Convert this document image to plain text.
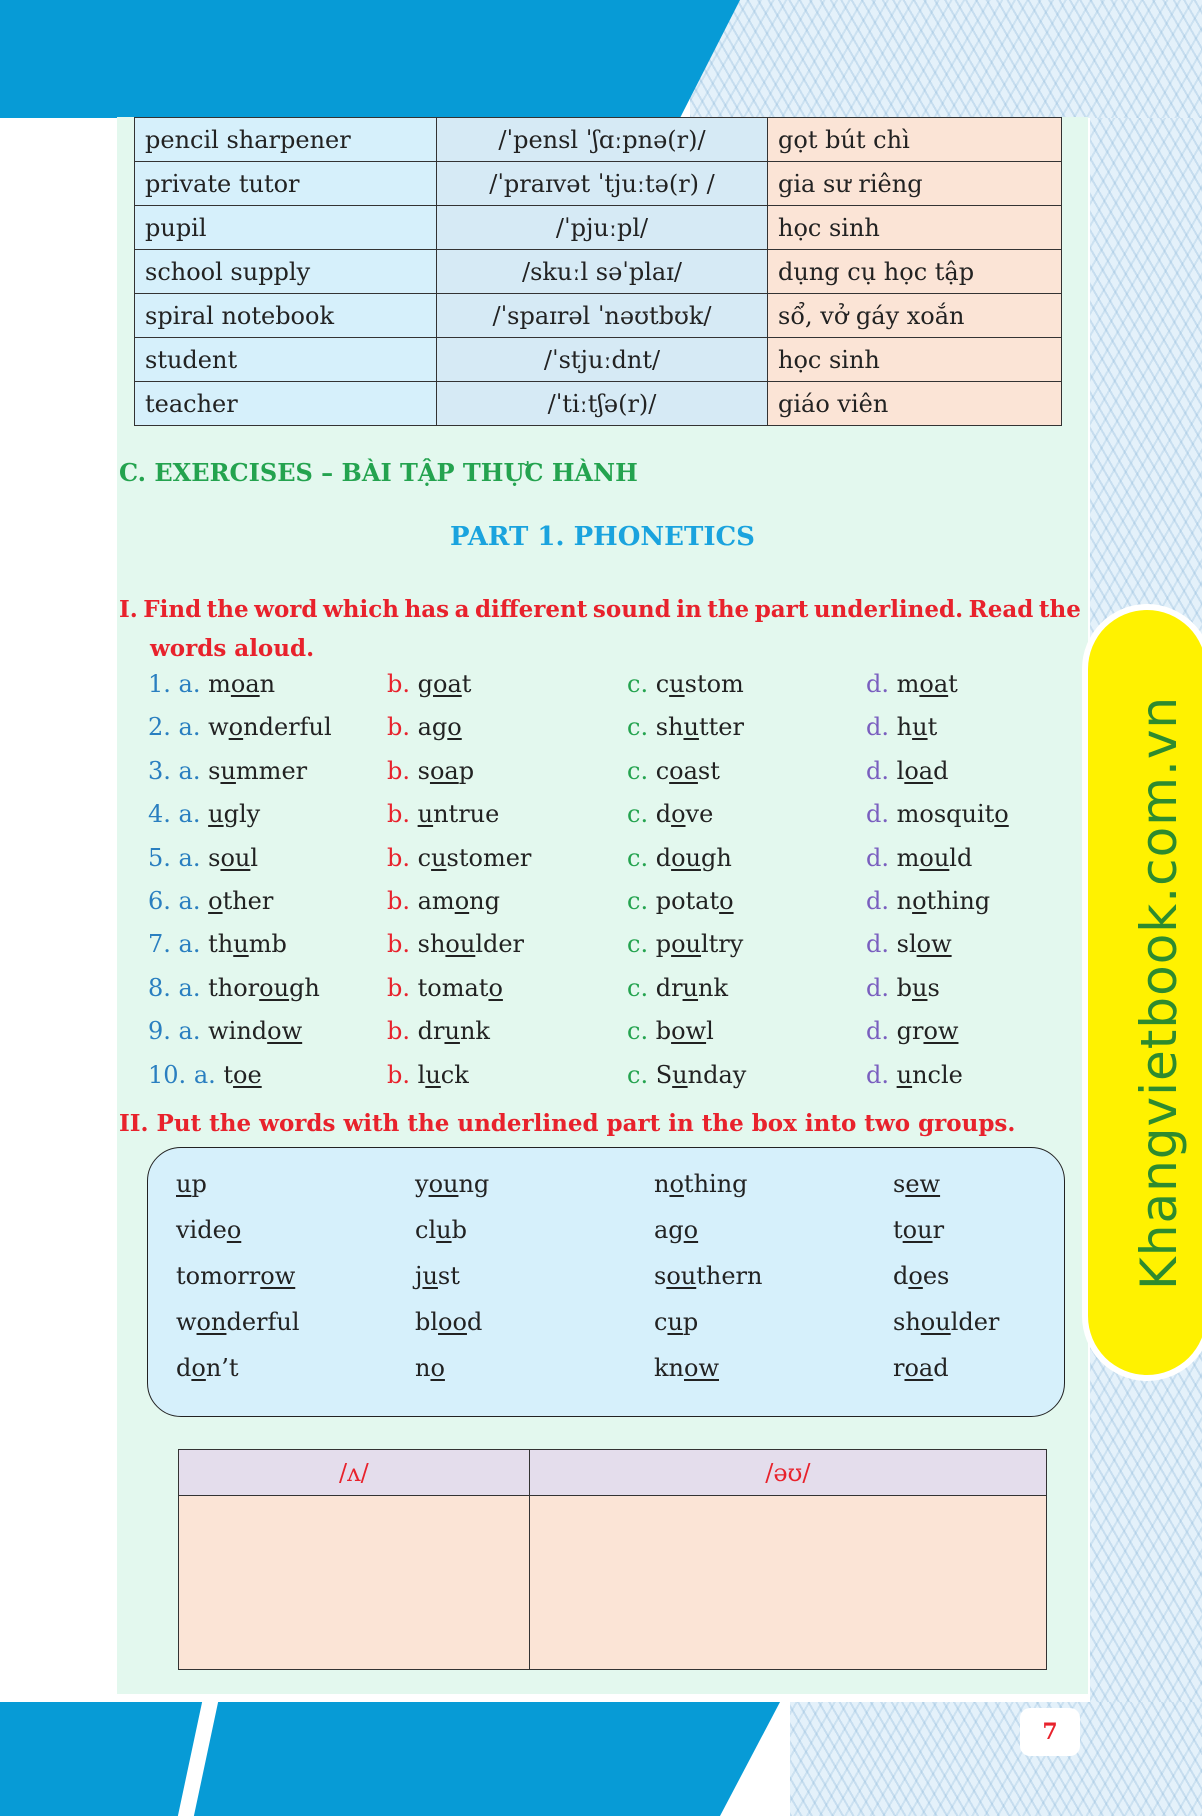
7
pencil sharpener	/ˈpensl ˈʃɑːpnə(r)/	gọt bút chì
private tutor	/ˈpraɪvət ˈtjuːtə(r) /	gia sư riêng
pupil	/ˈpjuːpl/	học sinh
school supply	/skuːl səˈplaɪ/	dụng cụ học tập
spiral notebook	/ˈspaɪrəl ˈnəʊtbʊk/	sổ, vở gáy xoắn
student	/ˈstjuːdnt/	học sinh
teacher	/ˈtiːtʃə(r)/	giáo viên
C. EXERCISES – BÀI TẬP THỰC HÀNH
PART 1. PHONETICS
I. Find the word which has a different sound in the part underlined. Read the
words aloud.
1. a. moan	b. goat	c. custom	d. moat
2. a. wonderful b. ago	c. shutter	d. hut
3. a. summer	b. soap	c. coast	d. load
4. a. ugly	b. untrue	c. dove	d. mosquito
5. a. soul	b. customer	c. dough	d. mould
6. a. other	b. among	c. potato	d. nothing
7. a. thumb	b. shoulder	c. poultry	d. slow
8. a. thorough	b. tomato	c. drunk	d. bus
9. a. window	b. drunk	c. bowl	d. grow
10. a. toe	b. luck	c. Sunday	d. uncle
II. Put the words with the underlined part in the box into two groups.
up	young	nothing	sew
video	club	ago	tour
tomorrow	just	southern	does
wonderful	blood	cup	shoulder
don’t	no	know	road
/ʌ/	/əʊ/

Khangvietbook.com.vn
